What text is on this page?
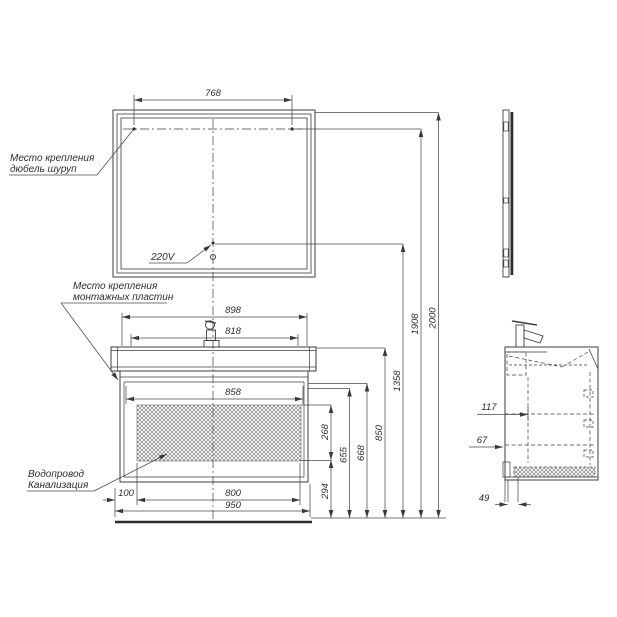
768
Место крепления
дюбель шуруп
220V
Место крепления
монтажных пластин
Водопровод
Канализация
898
818
858
100	800
950
268
294
655 668
850
1358
1908 2000
117
67
49
